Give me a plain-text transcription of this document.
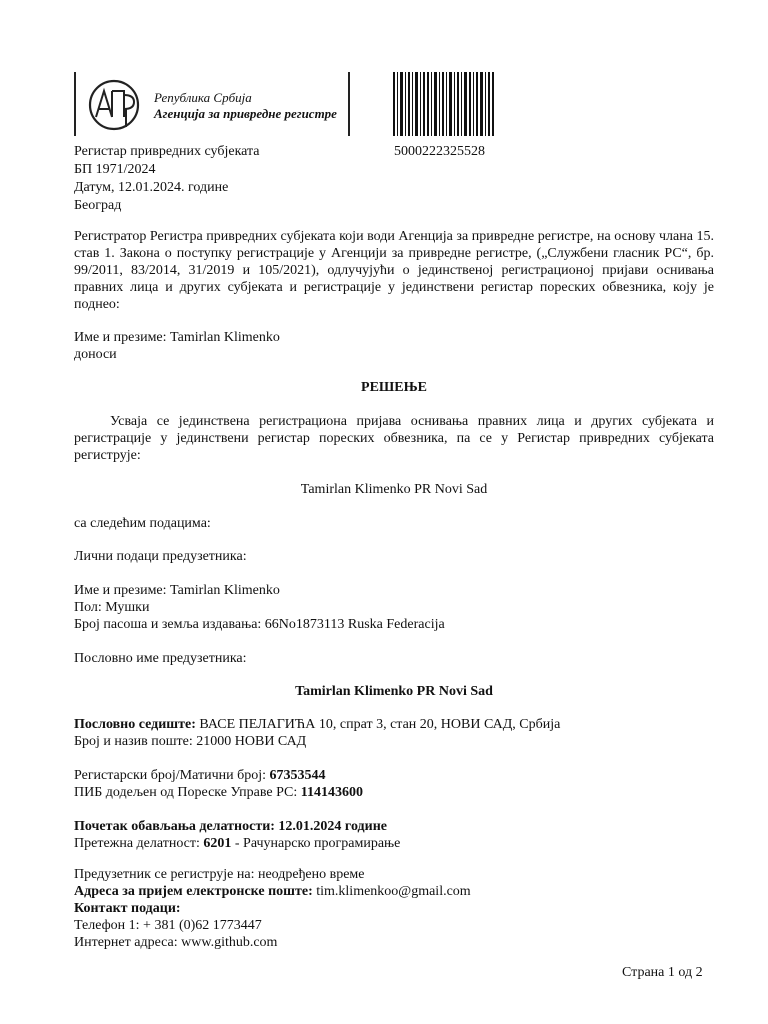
Република Србија
Агенција за привредне регистре
5000222325528
Регистар привредних субјеката
БП 1971/2024
Датум, 12.01.2024. године
Београд
Регистратор Регистра привредних субјеката који води Агенција за привредне регистре, на основу члана 15. став 1. Закона о поступку регистрације у Агенцији за привредне регистре, („Службени гласник РС“, бр. 99/2011, 83/2014, 31/2019 и 105/2021), одлучујући о јединственој регистрационој пријави оснивања правних лица и других субјеката и регистрације у јединствени регистар пореских обвезника, коју је поднео:
Име и презиме: Tamirlan Klimenko
доноси
РЕШЕЊЕ
Усваја се јединствена регистрациона пријава оснивања правних лица и других субјеката и регистрације у јединствени регистар пореских обвезника, па се у Регистар привредних субјеката региструје:
Tamirlan Klimenko PR Novi Sad
са следећим подацима:
Лични подаци предузетника:
Име и презиме: Tamirlan Klimenko
Пол: Мушки
Број пасоша и земља издавања: 66No1873113 Ruska Federacija
Пословно име предузетника:
Tamirlan Klimenko PR Novi Sad
Пословно седиште: ВАСЕ ПЕЛАГИЋА 10, спрат 3, стан 20, НОВИ САД, Србија
Број и назив поште: 21000 НОВИ САД
Регистарски број/Матични број: 67353544
ПИБ додељен од Пореске Управе РС: 114143600
Почетак обављања делатности: 12.01.2024 године
Претежна делатност: 6201 - Рачунарско програмирање
Предузетник се региструје на: неодређено време
Адреса за пријем електронске поште: tim.klimenkoo@gmail.com
Контакт подаци:
Телефон 1: + 381 (0)62 1773447
Интернет адреса: www.github.com
Страна 1 од 2
